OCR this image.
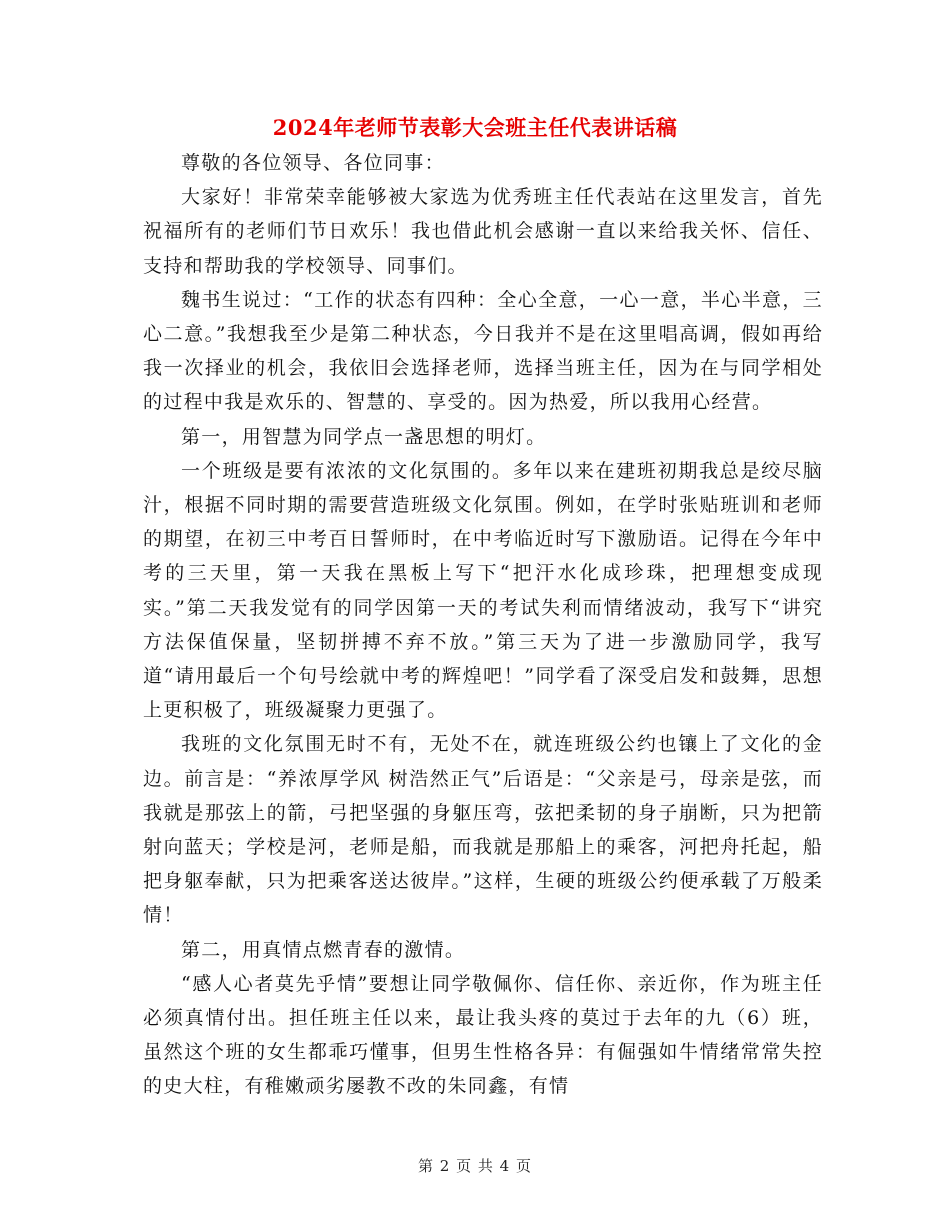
2024年老师节表彰大会班主任代表讲话稿

尊敬的各位领导、各位同事：

大家好！非常荣幸能够被大家选为优秀班主任代表站在这里发言，首先祝福所有的老师们节日欢乐！我也借此机会感谢一直以来给我关怀、信任、支持和帮助我的学校领导、同事们。

魏书生说过：“工作的状态有四种：全心全意，一心一意，半心半意，三心二意。”我想我至少是第二种状态，今日我并不是在这里唱高调，假如再给我一次择业的机会，我依旧会选择老师，选择当班主任，因为在与同学相处的过程中我是欢乐的、智慧的、享受的。因为热爱，所以我用心经营。

第一，用智慧为同学点一盏思想的明灯。

一个班级是要有浓浓的文化氛围的。多年以来在建班初期我总是绞尽脑汁，根据不同时期的需要营造班级文化氛围。例如，在学时张贴班训和老师的期望，在初三中考百日誓师时，在中考临近时写下激励语。记得在今年中考的三天里，第一天我在黑板上写下“把汗水化成珍珠，把理想变成现实。”第二天我发觉有的同学因第一天的考试失利而情绪波动，我写下“讲究方法保值保量，坚韧拼搏不弃不放。”第三天为了进一步激励同学，我写道“请用最后一个句号绘就中考的辉煌吧！”同学看了深受启发和鼓舞，思想上更积极了，班级凝聚力更强了。

我班的文化氛围无时不有，无处不在，就连班级公约也镶上了文化的金边。前言是：“养浓厚学风 树浩然正气”后语是：“父亲是弓，母亲是弦，而我就是那弦上的箭，弓把坚强的身躯压弯，弦把柔韧的身子崩断，只为把箭射向蓝天；学校是河，老师是船，而我就是那船上的乘客，河把舟托起，船把身躯奉献，只为把乘客送达彼岸。”这样，生硬的班级公约便承载了万般柔情！

第二，用真情点燃青春的激情。

“感人心者莫先乎情”要想让同学敬佩你、信任你、亲近你，作为班主任必须真情付出。担任班主任以来，最让我头疼的莫过于去年的九（6）班，虽然这个班的女生都乖巧懂事，但男生性格各异：有倔强如牛情绪常常失控的史大柱，有稚嫩顽劣屡教不改的朱同鑫，有情

第 2 页 共 4 页
